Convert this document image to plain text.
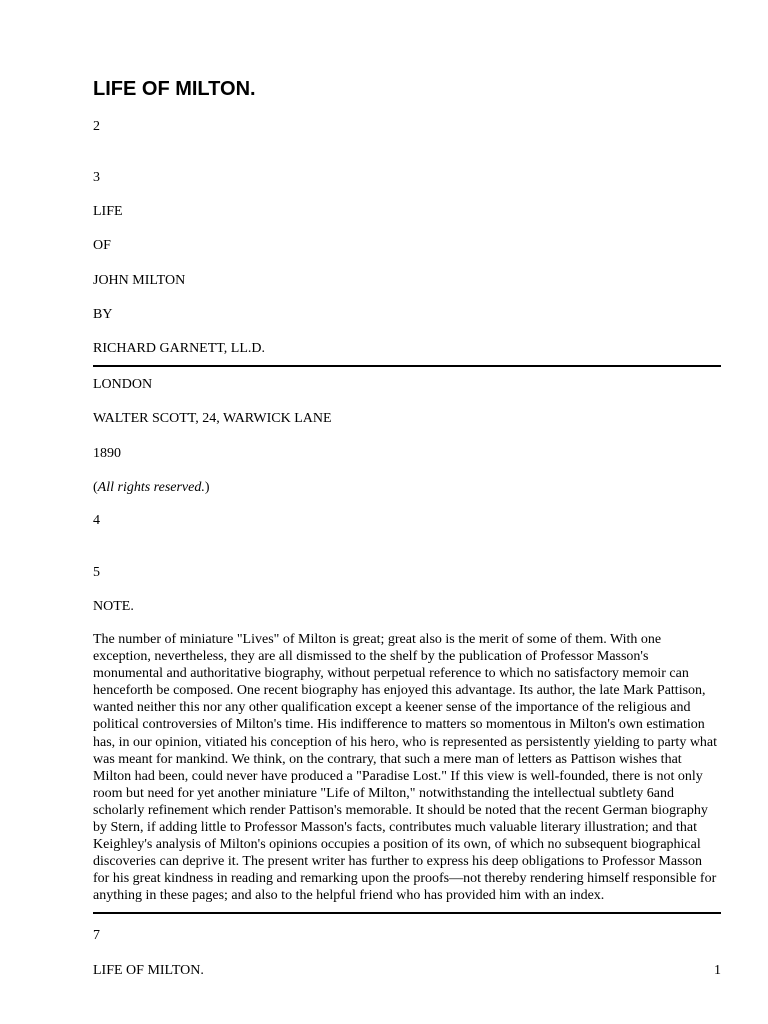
LIFE OF MILTON.

2

3

LIFE

OF

JOHN MILTON

BY

RICHARD GARNETT, LL.D.

LONDON

WALTER SCOTT, 24, WARWICK LANE

1890

(All rights reserved.)

4

5

NOTE.

The number of miniature "Lives" of Milton is great; great also is the merit of some of them. With one exception, nevertheless, they are all dismissed to the shelf by the publication of Professor Masson's monumental and authoritative biography, without perpetual reference to which no satisfactory memoir can henceforth be composed. One recent biography has enjoyed this advantage. Its author, the late Mark Pattison, wanted neither this nor any other qualification except a keener sense of the importance of the religious and political controversies of Milton's time. His indifference to matters so momentous in Milton's own estimation has, in our opinion, vitiated his conception of his hero, who is represented as persistently yielding to party what was meant for mankind. We think, on the contrary, that such a mere man of letters as Pattison wishes that Milton had been, could never have produced a "Paradise Lost." If this view is well-founded, there is not only room but need for yet another miniature "Life of Milton," notwithstanding the intellectual subtlety 6and scholarly refinement which render Pattison's memorable. It should be noted that the recent German biography by Stern, if adding little to Professor Masson's facts, contributes much valuable literary illustration; and that Keighley's analysis of Milton's opinions occupies a position of its own, of which no subsequent biographical discoveries can deprive it. The present writer has further to express his deep obligations to Professor Masson for his great kindness in reading and remarking upon the proofs—not thereby rendering himself responsible for anything in these pages; and also to the helpful friend who has provided him with an index.

7

LIFE OF MILTON.	1
